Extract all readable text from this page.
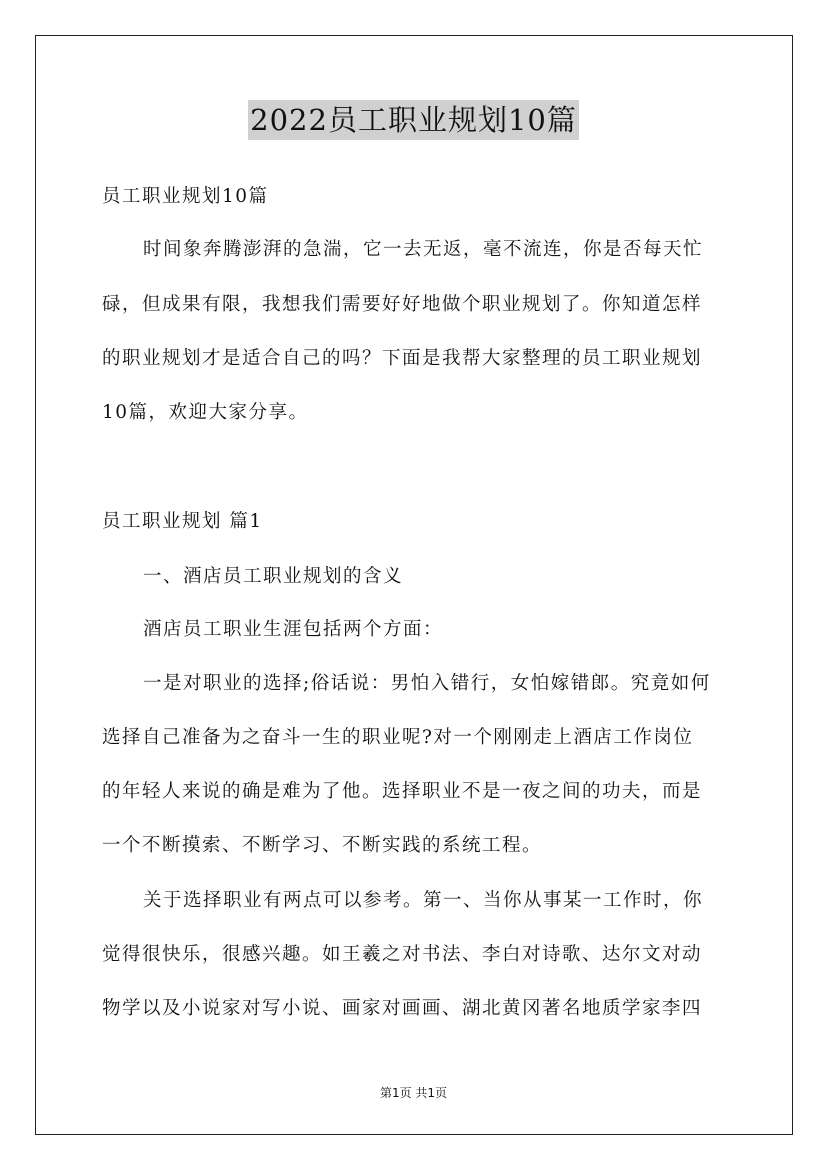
2022员工职业规划10篇
员工职业规划10篇
时间象奔腾澎湃的急湍，它一去无返，毫不流连，你是否每天忙
碌，但成果有限，我想我们需要好好地做个职业规划了。你知道怎样
的职业规划才是适合自己的吗？下面是我帮大家整理的员工职业规划
10篇，欢迎大家分享。
员工职业规划 篇1
一、酒店员工职业规划的含义
酒店员工职业生涯包括两个方面：
一是对职业的选择;俗话说：男怕入错行，女怕嫁错郎。究竟如何
选择自己准备为之奋斗一生的职业呢?对一个刚刚走上酒店工作岗位
的年轻人来说的确是难为了他。选择职业不是一夜之间的功夫，而是
一个不断摸索、不断学习、不断实践的系统工程。
关于选择职业有两点可以参考。第一、当你从事某一工作时，你
觉得很快乐，很感兴趣。如王羲之对书法、李白对诗歌、达尔文对动
物学以及小说家对写小说、画家对画画、湖北黄冈著名地质学家李四
第1页 共1页
